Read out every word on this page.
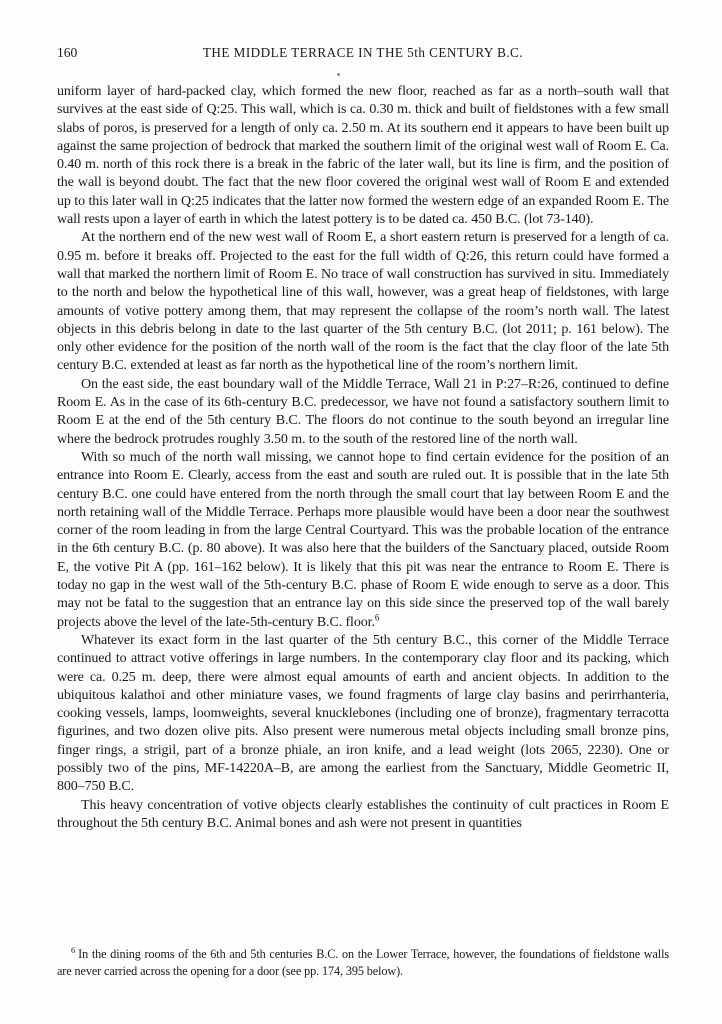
160	THE MIDDLE TERRACE IN THE 5th CENTURY B.C.

uniform layer of hard-packed clay, which formed the new floor, reached as far as a north–south wall that survives at the east side of Q:25. This wall, which is ca. 0.30 m. thick and built of fieldstones with a few small slabs of poros, is preserved for a length of only ca. 2.50 m. At its southern end it appears to have been built up against the same projection of bedrock that marked the southern limit of the original west wall of Room E. Ca. 0.40 m. north of this rock there is a break in the fabric of the later wall, but its line is firm, and the position of the wall is beyond doubt. The fact that the new floor covered the original west wall of Room E and extended up to this later wall in Q:25 indicates that the latter now formed the western edge of an expanded Room E. The wall rests upon a layer of earth in which the latest pottery is to be dated ca. 450 B.C. (lot 73-140).

At the northern end of the new west wall of Room E, a short eastern return is preserved for a length of ca. 0.95 m. before it breaks off. Projected to the east for the full width of Q:26, this return could have formed a wall that marked the northern limit of Room E. No trace of wall construction has survived in situ. Immediately to the north and below the hypothetical line of this wall, however, was a great heap of fieldstones, with large amounts of votive pottery among them, that may represent the collapse of the room’s north wall. The latest objects in this debris belong in date to the last quarter of the 5th century B.C. (lot 2011; p. 161 below). The only other evidence for the position of the north wall of the room is the fact that the clay floor of the late 5th century B.C. extended at least as far north as the hypothetical line of the room’s northern limit.

On the east side, the east boundary wall of the Middle Terrace, Wall 21 in P:27–R:26, continued to define Room E. As in the case of its 6th-century B.C. predecessor, we have not found a satisfactory southern limit to Room E at the end of the 5th century B.C. The floors do not continue to the south beyond an irregular line where the bedrock protrudes roughly 3.50 m. to the south of the restored line of the north wall.

With so much of the north wall missing, we cannot hope to find certain evidence for the position of an entrance into Room E. Clearly, access from the east and south are ruled out. It is possible that in the late 5th century B.C. one could have entered from the north through the small court that lay between Room E and the north retaining wall of the Middle Terrace. Perhaps more plausible would have been a door near the southwest corner of the room leading in from the large Central Courtyard. This was the probable location of the entrance in the 6th century B.C. (p. 80 above). It was also here that the builders of the Sanctuary placed, outside Room E, the votive Pit A (pp. 161–162 below). It is likely that this pit was near the entrance to Room E. There is today no gap in the west wall of the 5th-century B.C. phase of Room E wide enough to serve as a door. This may not be fatal to the suggestion that an entrance lay on this side since the preserved top of the wall barely projects above the level of the late-5th-century B.C. floor.$^6$

Whatever its exact form in the last quarter of the 5th century B.C., this corner of the Middle Terrace continued to attract votive offerings in large numbers. In the contemporary clay floor and its packing, which were ca. 0.25 m. deep, there were almost equal amounts of earth and ancient objects. In addition to the ubiquitous kalathoi and other miniature vases, we found fragments of large clay basins and perirrhanteria, cooking vessels, lamps, loomweights, several knucklebones (including one of bronze), fragmentary terracotta figurines, and two dozen olive pits. Also present were numerous metal objects including small bronze pins, finger rings, a strigil, part of a bronze phiale, an iron knife, and a lead weight (lots 2065, 2230). One or possibly two of the pins, MF-14220A–B, are among the earliest from the Sanctuary, Middle Geometric II, 800–750 B.C.

This heavy concentration of votive objects clearly establishes the continuity of cult practices in Room E throughout the 5th century B.C. Animal bones and ash were not present in quantities

$^6$ In the dining rooms of the 6th and 5th centuries B.C. on the Lower Terrace, however, the foundations of fieldstone walls are never carried across the opening for a door (see pp. 174, 395 below).
